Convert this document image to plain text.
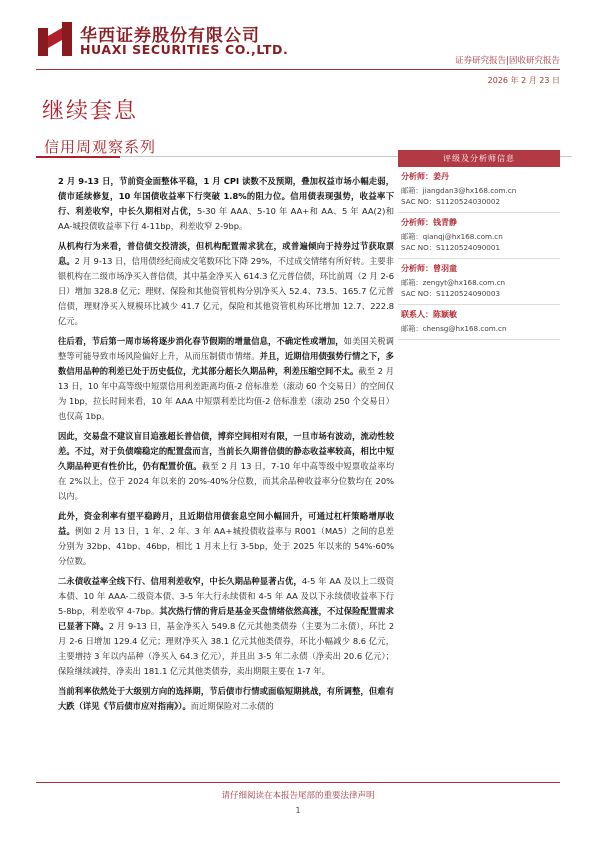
华西证券股份有限公司
HUAXI SECURITIES CO.,LTD.
证券研究报告|固收研究报告
2026 年 2 月 23 日
继续套息
信用周观察系列

2 月 9-13 日，节前资金面整体平稳，1 月 CPI 读数不及预期，叠加权益市场小幅走弱，债市延续修复，10 年国债收益率下行突破 1.8%的阻力位。信用债表现强势，收益率下行、利差收窄，中长久期相对占优，5-30 年 AAA、5-10 年 AA+和 AA、5 年 AA(2)和 AA-城投债收益率下行 4-11bp，利差收窄 2-9bp。

从机构行为来看，普信债交投清淡，但机构配置需求犹在，或普遍倾向于持券过节获取票息。2 月 9-13 日，信用债经纪商成交笔数环比下降 29%，不过成交情绪有所好转。主要非银机构在二级市场净买入普信债，其中基金净买入 614.3 亿元普信债，环比前周（2 月 2-6 日）增加 328.8 亿元；理财、保险和其他资管机构分别净买入 52.4、73.5、165.7 亿元普信债，理财净买入规模环比减少 41.7 亿元，保险和其他资管机构环比增加 12.7、222.8 亿元。

往后看，节后第一周市场将逐步消化春节假期的增量信息，不确定性或增加，如美国关税调整等可能导致市场风险偏好上升，从而压制债市情绪。并且，近期信用债强势行情之下，多数信用品种的利差已处于历史低位，尤其部分超长久期品种，利差压缩空间不太。截至 2 月 13 日，10 年中高等级中短票信用利差距离均值-2 倍标准差（滚动 60 个交易日）的空间仅为 1bp，拉长时间来看，10 年 AAA 中短票利差比均值-2 倍标准差（滚动 250 个交易日）也仅高 1bp。

因此，交易盘不建议盲目追涨超长普信债，博弈空间相对有限，一旦市场有波动，流动性较差。不过，对于负债端稳定的配置盘而言，当前长久期普信债的静态收益率较高，相比中短久期品种更有性价比，仍有配置价值。截至 2 月 13 日，7-10 年中高等级中短票收益率均在 2%以上，位于 2024 年以来的 20%-40%分位数，而其余品种收益率分位数均在 20%以内。

此外，资金利率有望平稳跨月，且近期信用债套息空间小幅回升，可通过杠杆策略增厚收益。例如 2 月 13 日，1 年、2 年、3 年 AA+城投债收益率与 R001（MA5）之间的息差分别为 32bp、41bp、46bp，相比 1 月末上行 3-5bp，处于 2025 年以来的 54%-60%分位数。

二永债收益率全线下行、信用利差收窄，中长久期品种显著占优，4-5 年 AA 及以上二级资本债、10 年 AAA-二级资本债、3-5 年大行永续债和 4-5 年 AA 及以下永续债收益率下行 5-8bp，利差收窄 4-7bp。其次热行情的背后是基金买盘情绪依然高涨，不过保险配置需求已显著下降。2 月 9-13 日，基金净买入 549.8 亿元其他类债券（主要为二永债），环比 2 月 2-6 日增加 129.4 亿元；理财净买入 38.1 亿元其他类债券，环比小幅减少 8.6 亿元，主要增持 3 年以内品种（净买入 64.3 亿元），并且出 3-5 年二永债（净卖出 20.6 亿元）；保险继续减持，净卖出 181.1 亿元其他类债券，卖出期限主要在 1-7 年。

当前利率依然处于大级别方向的选择期，节后债市行情或面临短期挑战，有所调整，但难有大跌（详见《节后债市应对指南》）。而近期保险对二永债的

评级及分析师信息
分析师：姜丹
邮箱：jiangdan3@hx168.com.cn
SAC NO：S1120524030002
分析师：钱青静
邮箱：qianqj@hx168.com.cn
SAC NO：S1120524090001
分析师：曾羽童
邮箱：zengyt@hx168.com.cn
SAC NO：S1120524090003
联系人：陈颖敏
邮箱：chensg@hx168.com.cn
请仔细阅读在本报告尾部的重要法律声明
1
